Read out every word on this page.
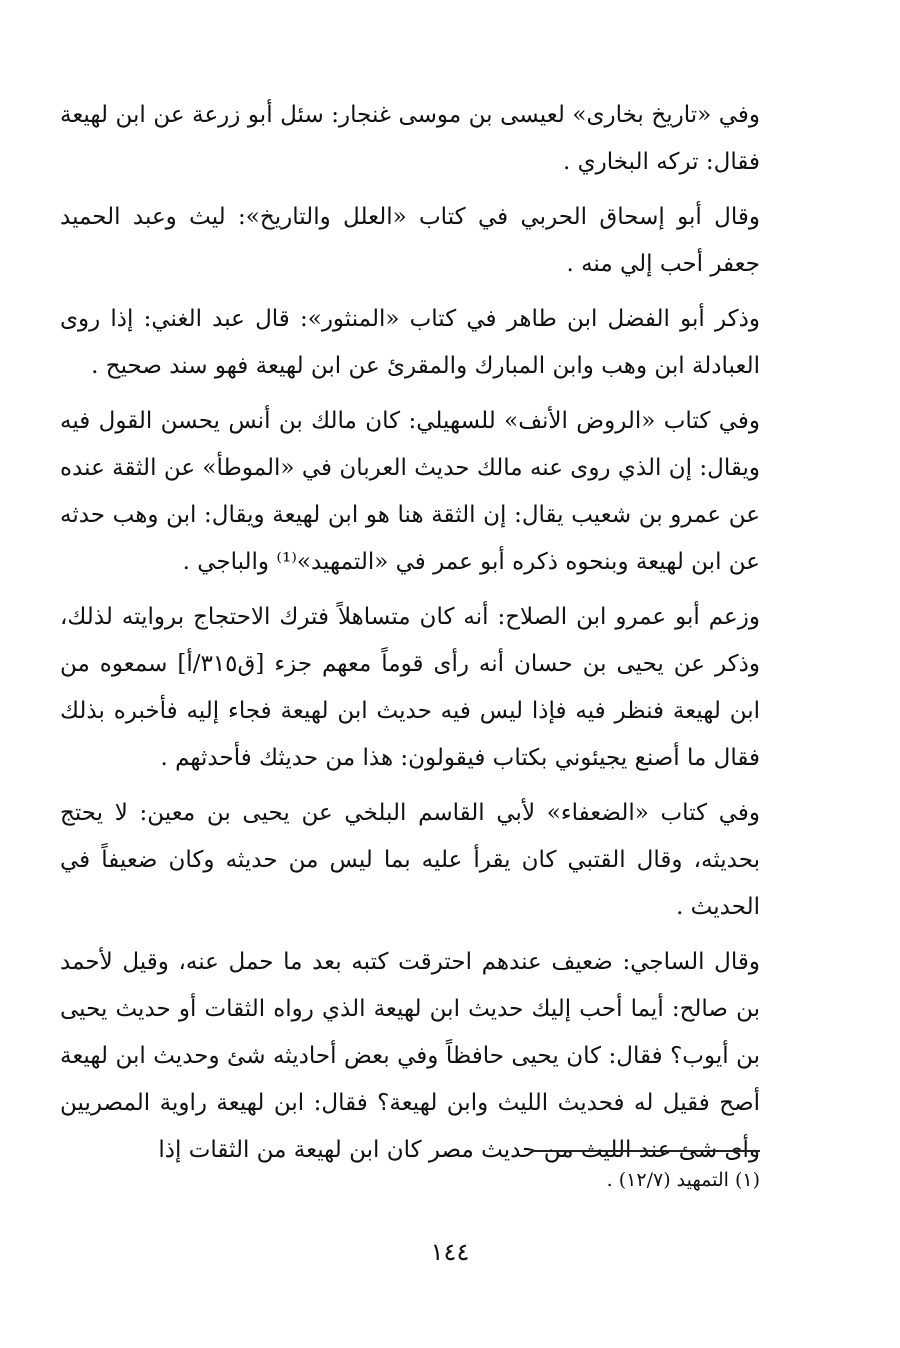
وفي «تاريخ بخارى» لعيسى بن موسى غنجار: سئل أبو زرعة عن ابن لهيعة فقال: تركه البخاري .

وقال أبو إسحاق الحربي في كتاب «العلل والتاريخ»: ليث وعبد الحميد جعفر أحب إلي منه .

وذكر أبو الفضل ابن طاهر في كتاب «المنثور»: قال عبد الغني: إذا روى العبادلة ابن وهب وابن المبارك والمقرئ عن ابن لهيعة فهو سند صحيح .

وفي كتاب «الروض الأنف» للسهيلي: كان مالك بن أنس يحسن القول فيه ويقال: إن الذي روى عنه مالك حديث العربان في «الموطأ» عن الثقة عنده عن عمرو بن شعيب يقال: إن الثقة هنا هو ابن لهيعة ويقال: ابن وهب حدثه عن ابن لهيعة وبنحوه ذكره أبو عمر في «التمهيد»⁽¹⁾ والباجي .

وزعم أبو عمرو ابن الصلاح: أنه كان متساهلاً فترك الاحتجاج بروايته لذلك، وذكر عن يحيى بن حسان أنه رأى قوماً معهم جزء [ق٣١٥/أ] سمعوه من ابن لهيعة فنظر فيه فإذا ليس فيه حديث ابن لهيعة فجاء إليه فأخبره بذلك فقال ما أصنع يجيئوني بكتاب فيقولون: هذا من حديثك فأحدثهم .

وفي كتاب «الضعفاء» لأبي القاسم البلخي عن يحيى بن معين: لا يحتج بحديثه، وقال القتبي كان يقرأ عليه بما ليس من حديثه وكان ضعيفاً في الحديث .

وقال الساجي: ضعيف عندهم احترقت كتبه بعد ما حمل عنه، وقيل لأحمد بن صالح: أيما أحب إليك حديث ابن لهيعة الذي رواه الثقات أو حديث يحيى بن أيوب؟ فقال: كان يحيى حافظاً وفي بعض أحاديثه شئ وحديث ابن لهيعة أصح فقيل له فحديث الليث وابن لهيعة؟ فقال: ابن لهيعة راوية المصريين وأى شئ عند الليث من حديث مصر كان ابن لهيعة من الثقات إذا

(١) التمهيد (١٢/٧) .
١٤٤
